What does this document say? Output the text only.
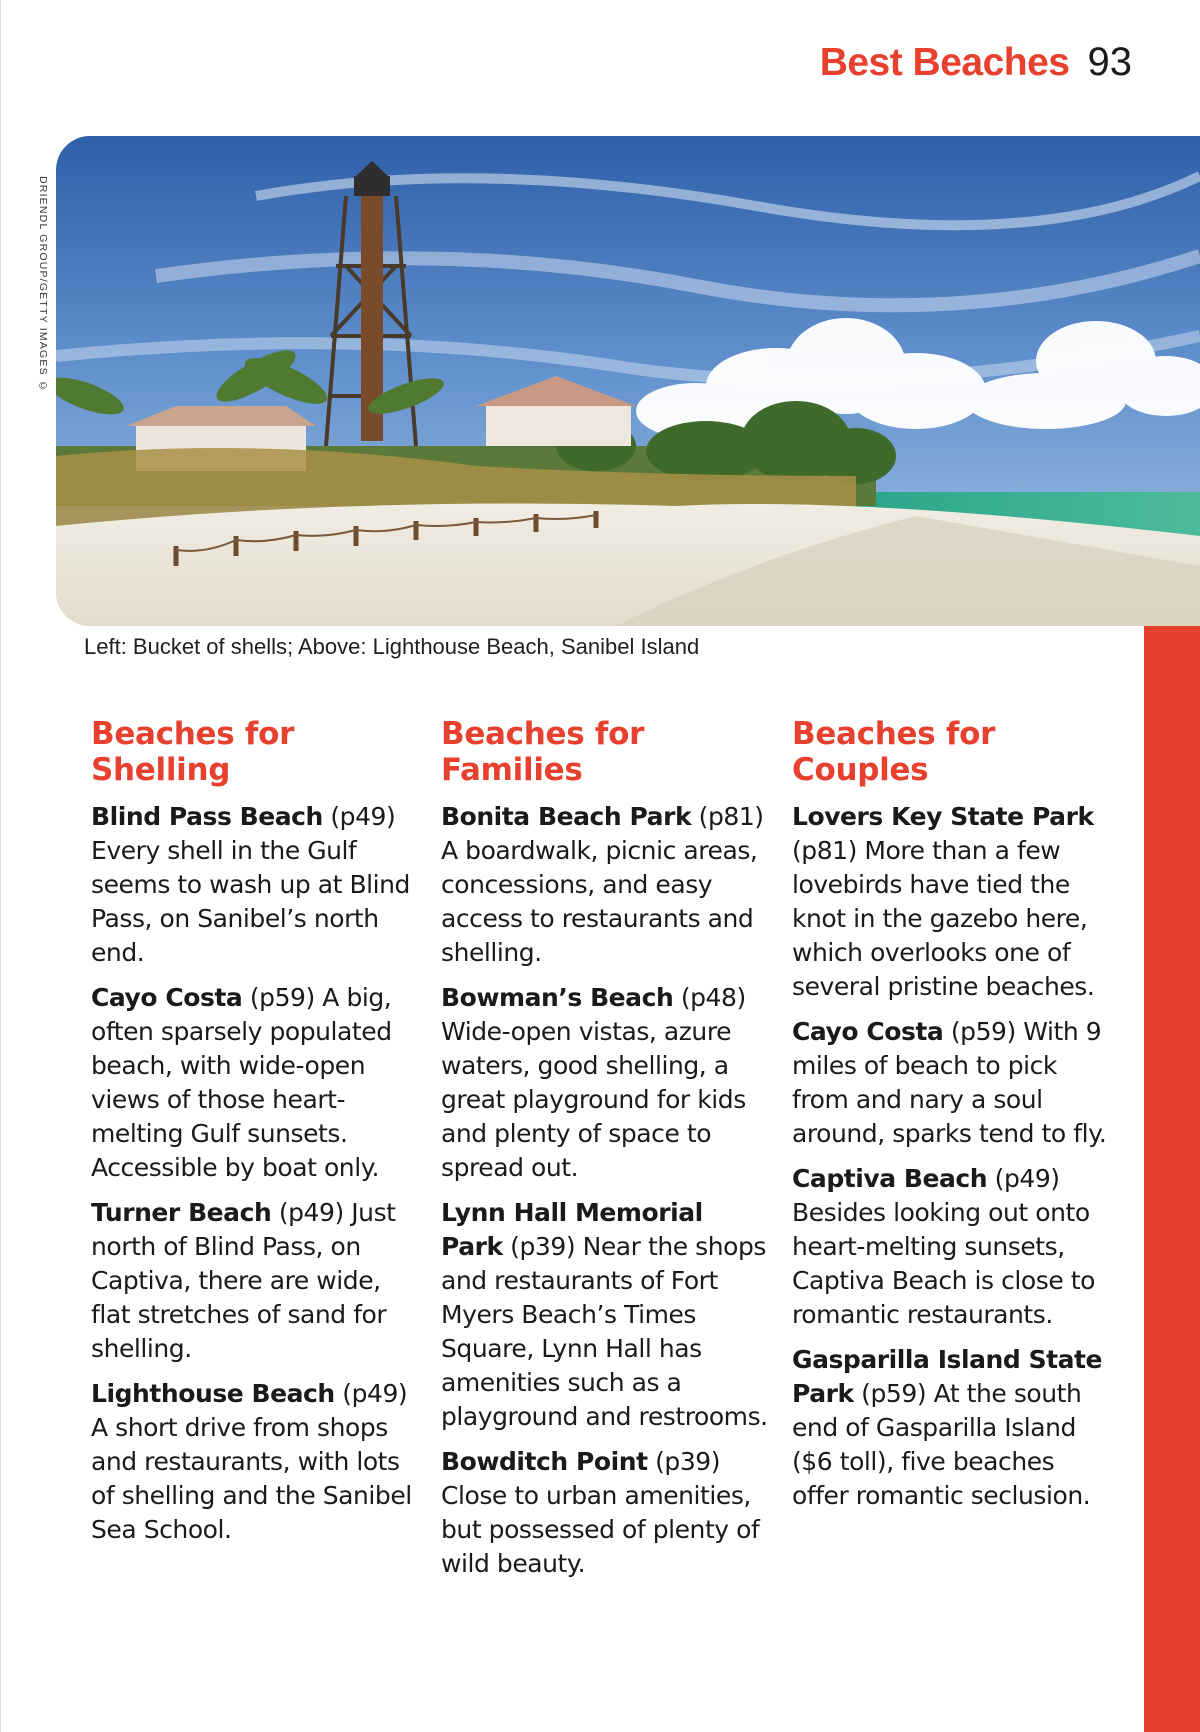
Best Beaches 93
DRIENDL GROUP/GETTY IMAGES ©
Left: Bucket of shells; Above: Lighthouse Beach, Sanibel Island
Beaches for
Shelling

Blind Pass Beach (p49) Every shell in the Gulf seems to wash up at Blind Pass, on Sanibel’s north end.

Cayo Costa (p59) A big, often sparsely populated beach, with wide-open views of those heart-melting Gulf sunsets. Accessible by boat only.

Turner Beach (p49) Just north of Blind Pass, on Captiva, there are wide, flat stretches of sand for shelling.

Lighthouse Beach (p49) A short drive from shops and restaurants, with lots of shelling and the Sanibel Sea School.

Beaches for
Families

Bonita Beach Park (p81) A boardwalk, picnic areas, concessions, and easy access to restaurants and shelling.

Bowman’s Beach (p48) Wide-open vistas, azure waters, good shelling, a great playground for kids and plenty of space to spread out.

Lynn Hall Memorial Park (p39) Near the shops and restaurants of Fort Myers Beach’s Times Square, Lynn Hall has amenities such as a playground and restrooms.

Bowditch Point (p39) Close to urban amenities, but possessed of plenty of wild beauty.

Beaches for
Couples

Lovers Key State Park (p81) More than a few lovebirds have tied the knot in the gazebo here, which overlooks one of several pristine beaches.

Cayo Costa (p59) With 9 miles of beach to pick from and nary a soul around, sparks tend to fly.

Captiva Beach (p49) Besides looking out onto heart-melting sunsets, Captiva Beach is close to romantic restaurants.

Gasparilla Island State Park (p59) At the south end of Gasparilla Island ($6 toll), five beaches offer romantic seclusion.
